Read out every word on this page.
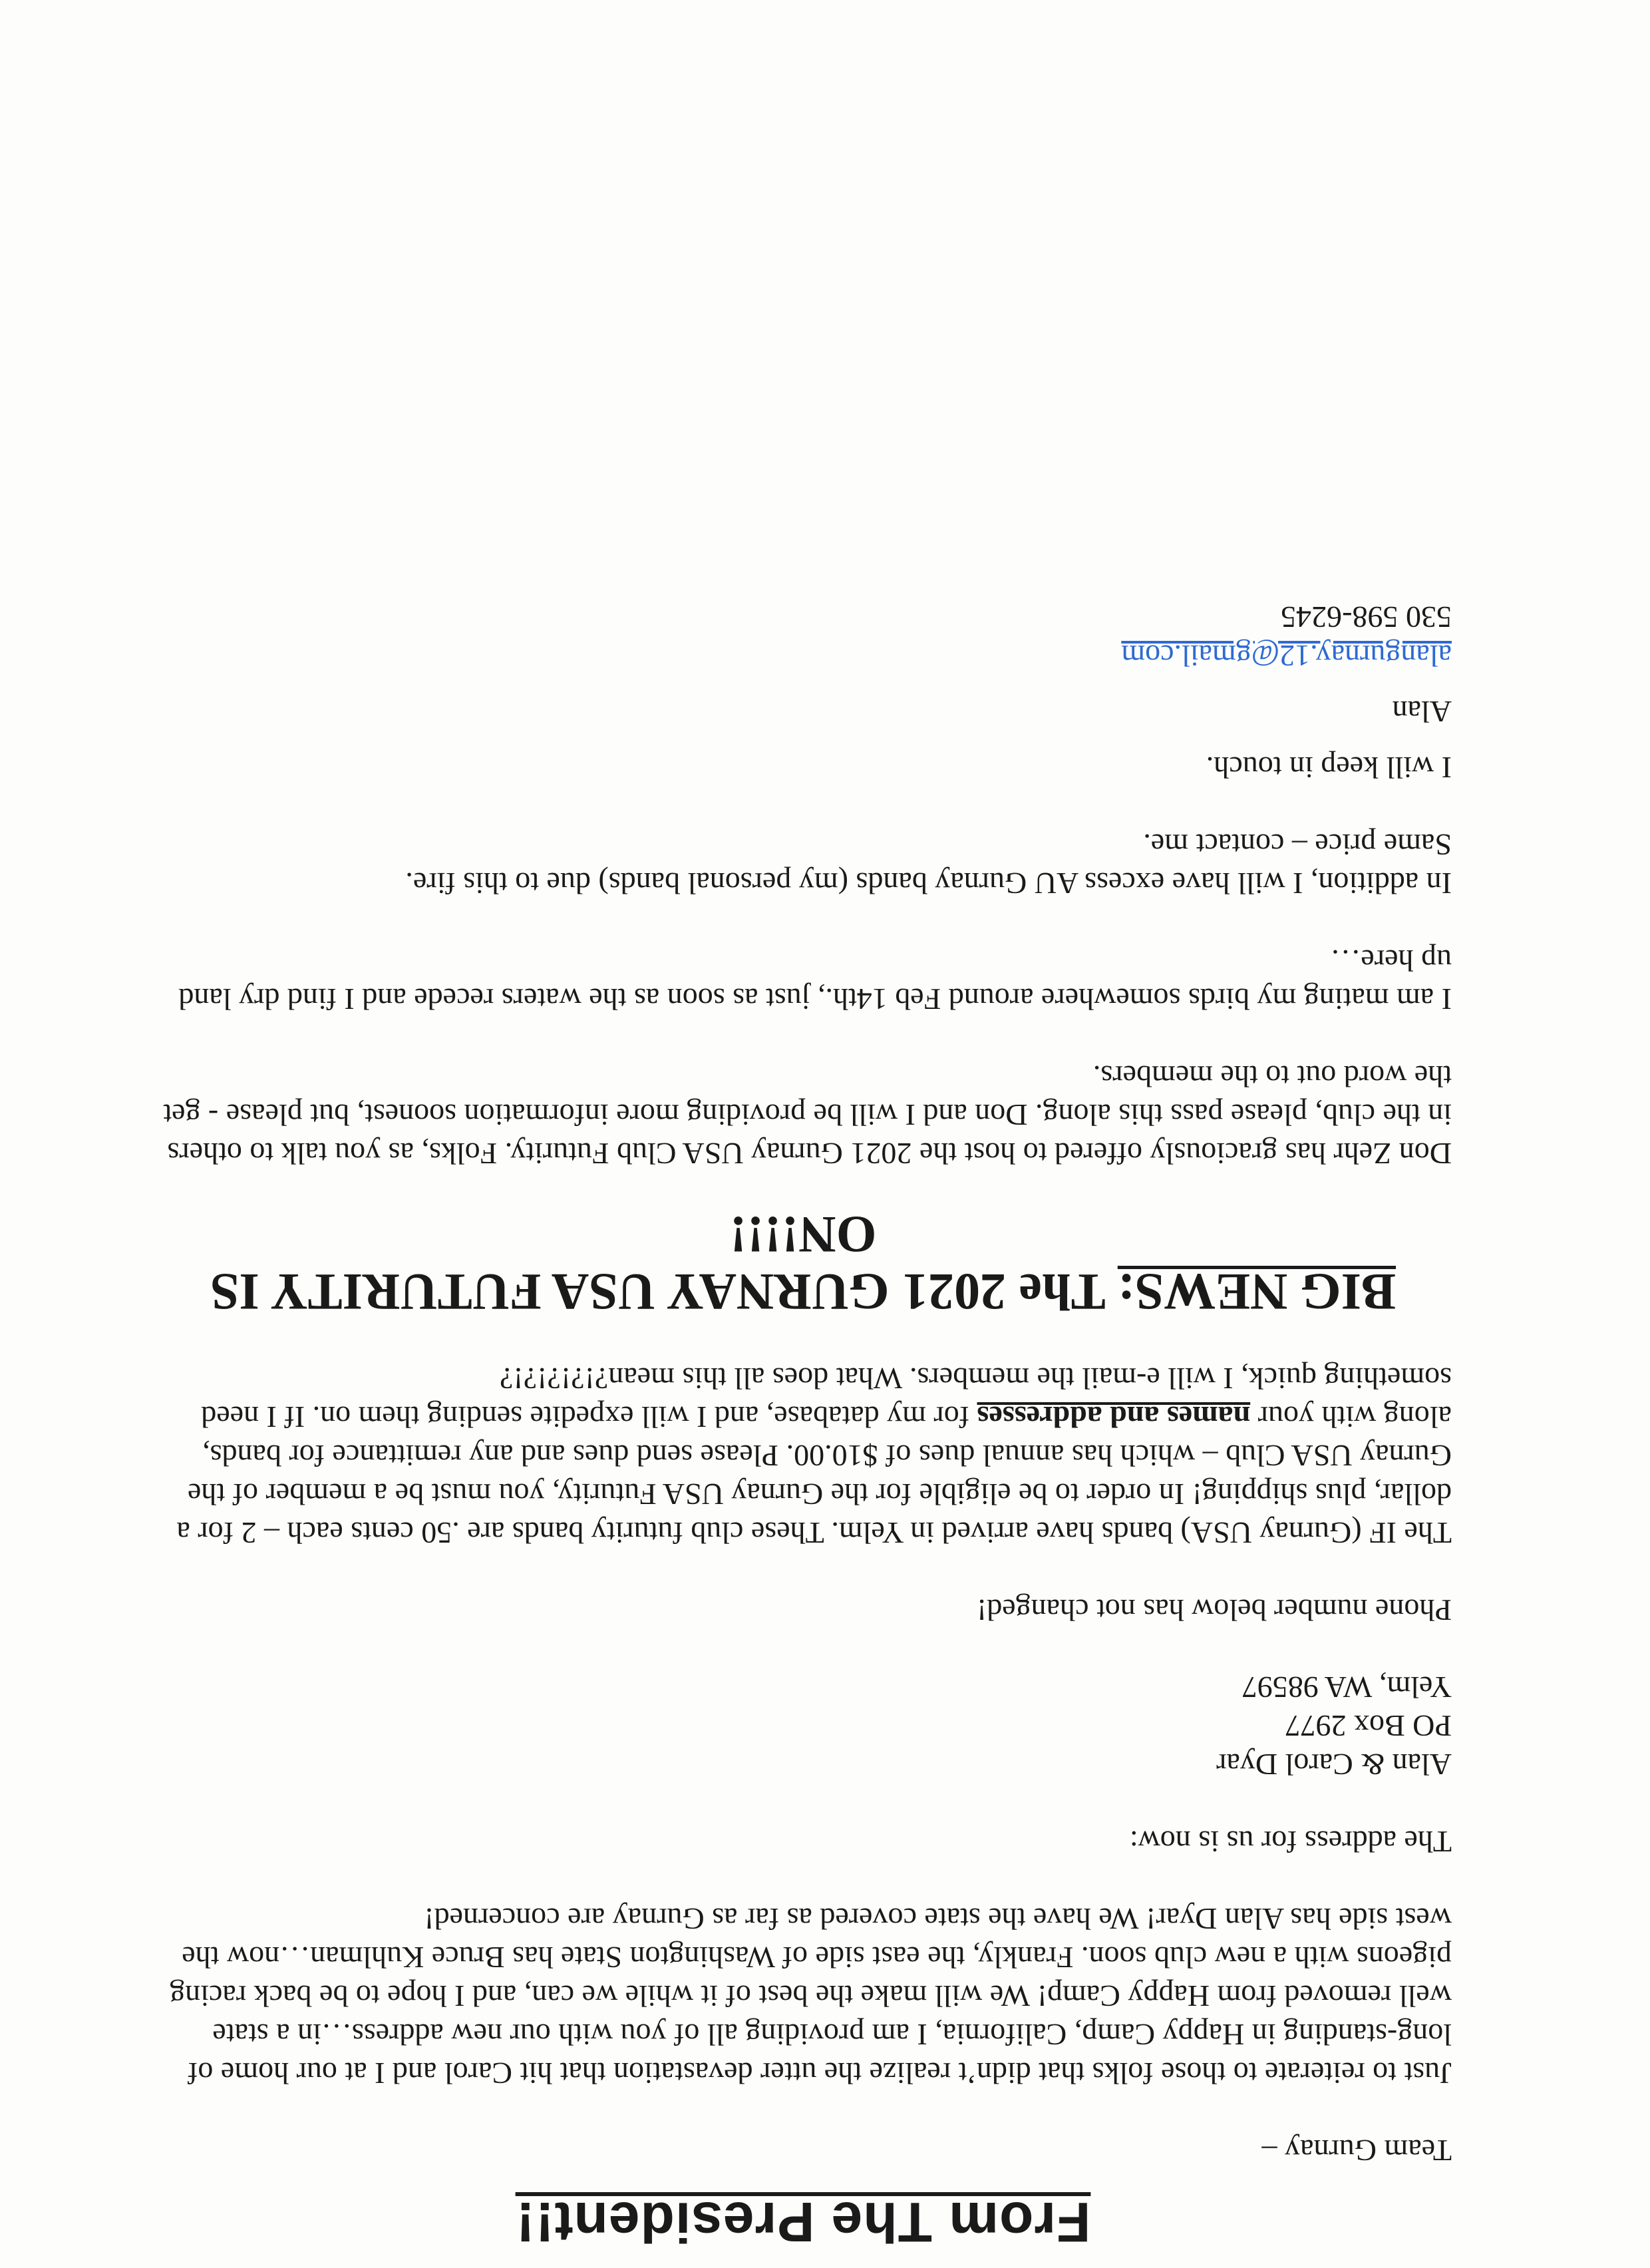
From The President!!

Team Gurnay –

Just to reiterate to those folks that didn’t realize the utter devastation that hit Carol and I at our home of long-standing in Happy Camp, California, I am providing all of you with our new address…in a state well removed from Happy Camp! We will make the best of it while we can, and I hope to be back racing pigeons with a new club soon. Frankly, the east side of Washington State has Bruce Kuhlman…now the west side has Alan Dyar! We have the state covered as far as Gurnay are concerned!

The address for us is now:

Alan & Carol Dyar
PO Box 2977
Yelm, WA 98597

Phone number below has not changed!

The IF (Gurnay USA) bands have arrived in Yelm. These club futurity bands are .50 cents each – 2 for a dollar, plus shipping! In order to be eligible for the Gurnay USA Futurity, you must be a member of the Gurnay USA Club – which has annual dues of $10.00. Please send dues and any remittance for bands, along with your names and addresses for my database, and I will expedite sending them on. If I need something quick, I will e-mail the members. What does all this mean?!?!?!?!?

BIG NEWS: The 2021 GURNAY USA FUTURITY IS ON!!!!

Don Zehr has graciously offered to host the 2021 Gurnay USA Club Futurity. Folks, as you talk to others in the club, please pass this along. Don and I will be providing more information soonest, but please - get the word out to the members.

I am mating my birds somewhere around Feb 14th., just as soon as the waters recede and I find dry land up here…

In addition, I will have excess AU Gurnay bands (my personal bands) due to this fire.

Same price – contact me.

I will keep in touch.

Alan

alangurnay.12@gmail.com
530 598-6245
